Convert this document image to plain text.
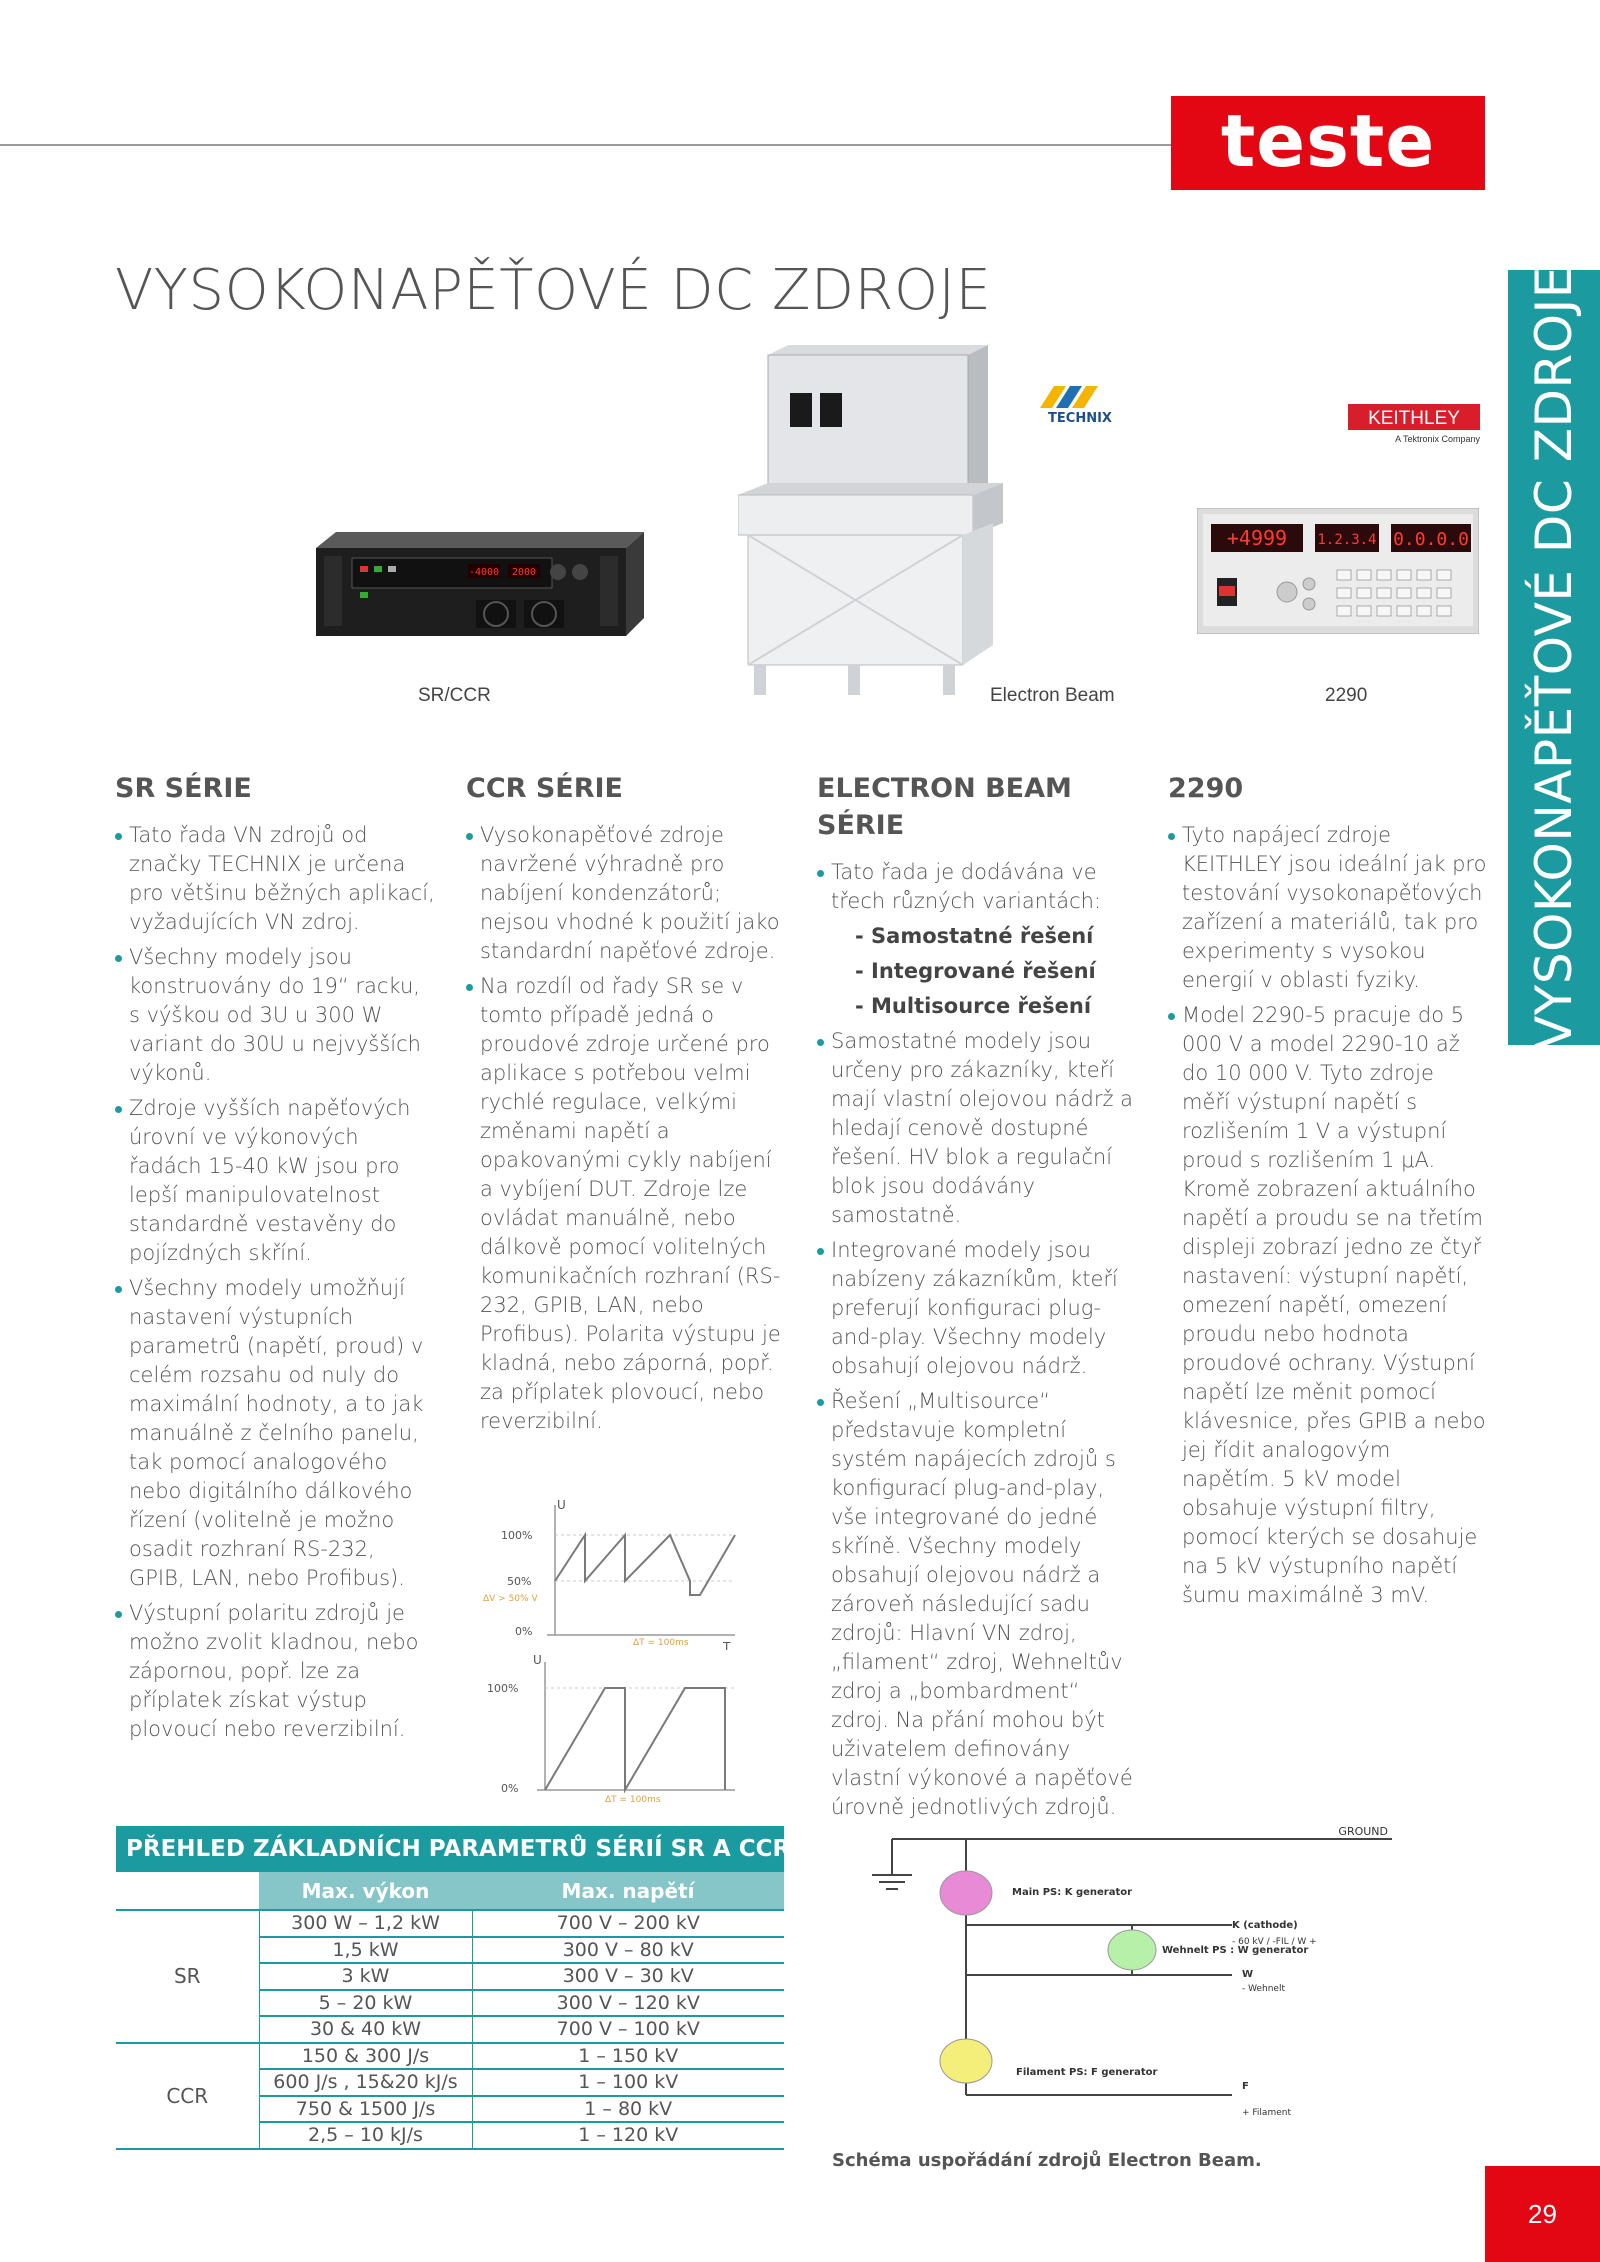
teste
VYSOKONAPĚŤOVÉ DC ZDROJE	VYSOKONAPĚŤOVÉ DC ZDROJE
-4000 2000
TECHNIX	KEITHLEY
A Tektronix Company
+4999 1.2.3.4 0.0.0.0
SR/CCR	Electron Beam	2290
SR SÉRIE
Tato řada VN zdrojů od značky TECHNIX je určena pro většinu běžných aplikací, vyžadujících VN zdroj.
Všechny modely jsou konstruovány do 19“ racku, s výškou od 3U u 300 W variant do 30U u nejvyšších výkonů.
Zdroje vyšších napěťových úrovní ve výkonových řadách 15-40 kW jsou pro lepší manipulovatelnost standardně vestavěny do pojízdných skříní.
Všechny modely umožňují nastavení výstupních parametrů (napětí, proud) v celém rozsahu od nuly do maximální hodnoty, a to jak manuálně z čelního panelu, tak pomocí analogového nebo digitálního dálkového řízení (volitelně je možno osadit rozhraní RS-232, GPIB, LAN, nebo Profibus).
Výstupní polaritu zdrojů je možno zvolit kladnou, nebo zápornou, popř. lze za příplatek získat výstup plovoucí nebo reverzibilní.
CCR SÉRIE
Vysokonapěťové zdroje navržené výhradně pro nabíjení kondenzátorů; nejsou vhodné k použití jako standardní napěťové zdroje.
Na rozdíl od řady SR se v tomto případě jedná o proudové zdroje určené pro aplikace s potřebou velmi rychlé regulace, velkými změnami napětí a opakovanými cykly nabíjení a vybíjení DUT. Zdroje lze ovládat manuálně, nebo dálkově pomocí volitelných komunikačních rozhraní (RS-232, GPIB, LAN, nebo Profibus). Polarita výstupu je kladná, nebo záporná, popř. za příplatek plovoucí, nebo reverzibilní.
ELECTRON BEAM SÉRIE
Tato řada je dodávána ve třech různých variantách:
- Samostatné řešení
- Integrované řešení
- Multisource řešení
Samostatné modely jsou určeny pro zákazníky, kteří mají vlastní olejovou nádrž a hledají cenově dostupné řešení. HV blok a regulační blok jsou dodávány samostatně.
Integrované modely jsou nabízeny zákazníkům, kteří preferují konfiguraci plug-and-play. Všechny modely obsahují olejovou nádrž.
Řešení „Multisource“ představuje kompletní systém napájecích zdrojů s konfigurací plug-and-play, vše integrované do jedné skříně. Všechny modely obsahují olejovou nádrž a zároveň následující sadu zdrojů: Hlavní VN zdroj, „filament“ zdroj, Wehneltův zdroj a „bombardment“ zdroj. Na přání mohou být uživatelem definovány vlastní výkonové a napěťové úrovně jednotlivých zdrojů.
2290
Tyto napájecí zdroje KEITHLEY jsou ideální jak pro testování vysokonapěťových zařízení a materiálů, tak pro experimenty s vysokou energií v oblasti fyziky.
Model 2290-5 pracuje do 5 000 V a model 2290-10 až do 10 000 V. Tyto zdroje měří výstupní napětí s rozlišením 1 V a výstupní proud s rozlišením 1 μA. Kromě zobrazení aktuálního napětí a proudu se na třetím displeji zobrazí jedno ze čtyř nastavení: výstupní napětí, omezení napětí, omezení proudu nebo hodnota proudové ochrany. Výstupní napětí lze měnit pomocí klávesnice, přes GPIB a nebo jej řídit analogovým napětím. 5 kV model obsahuje výstupní filtry, pomocí kterých se dosahuje na 5 kV výstupního napětí šumu maximálně 3 mV.
U
T
100%
50%
0%
ΔV > 50% V
ΔT = 100ms
U
100%
0%
ΔT = 100ms
PŘEHLED ZÁKLADNÍCH PARAMETRŮ SÉRIÍ SR A CCR
	Max. výkon	Max. napětí
SR	300 W – 1,2 kW	700 V – 200 kV
	1,5 kW	300 V – 80 kV
	3 kW	300 V – 30 kV
	5 – 20 kW	300 V – 120 kV
	30 & 40 kW	700 V – 100 kV
CCR	150 & 300 J/s	1 – 150 kV
	600 J/s , 15&20 kJ/s	1 – 100 kV
	750 & 1500 J/s	1 – 80 kV
	2,5 – 10 kJ/s	1 – 120 kV
GROUND
Main PS: K generator
K (cathode)
- 60 kV / -FIL / W +
Wehnelt PS : W generator
W
- Wehnelt
Filament PS: F generator
F
+ Filament
Schéma uspořádání zdrojů Electron Beam.
29
